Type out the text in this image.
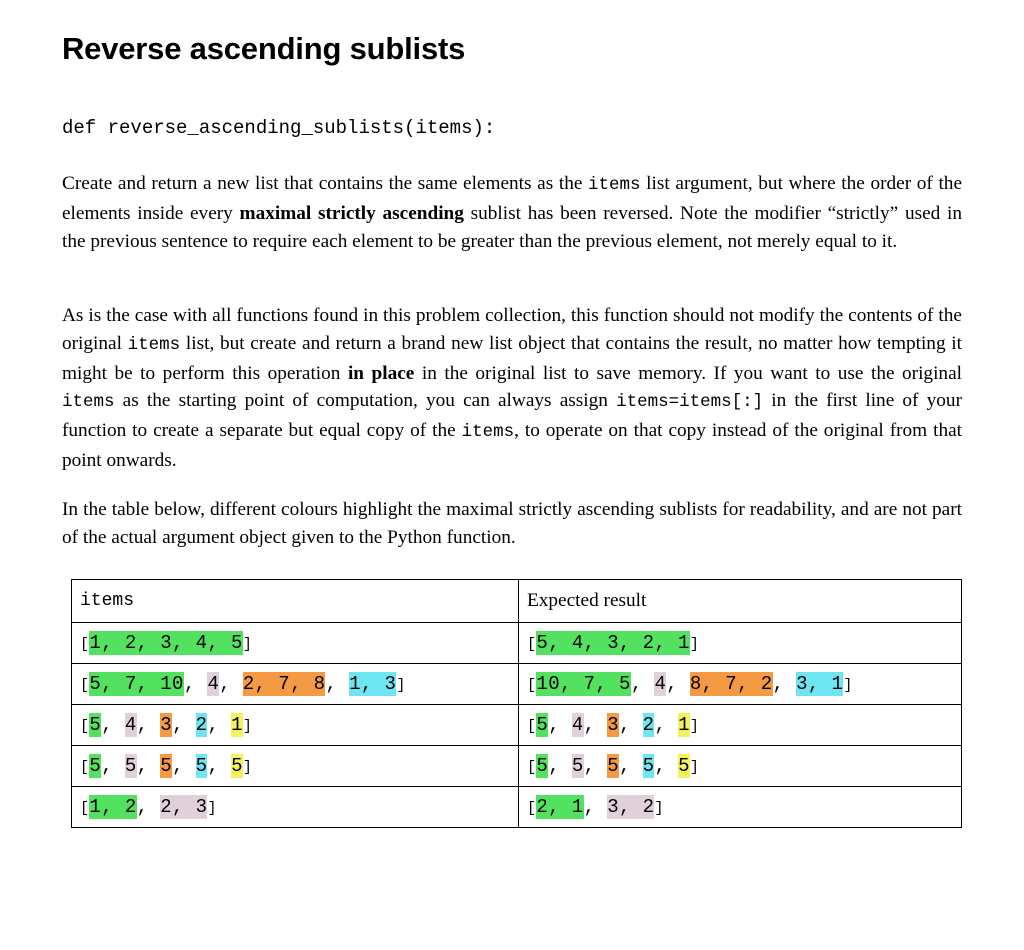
Reverse ascending sublists
def reverse_ascending_sublists(items):

Create and return a new list that contains the same elements as the items list argument, but where the order of the elements inside every maximal strictly ascending sublist has been reversed. Note the modifier “strictly” used in the previous sentence to require each element to be greater than the previous element, not merely equal to it.

As is the case with all functions found in this problem collection, this function should not modify the contents of the original items list, but create and return a brand new list object that contains the result, no matter how tempting it might be to perform this operation in place in the original list to save memory. If you want to use the original items as the starting point of computation, you can always assign items=items[:] in the first line of your function to create a separate but equal copy of the items, to operate on that copy instead of the original from that point onwards.

In the table below, different colours highlight the maximal strictly ascending sublists for readability, and are not part of the actual argument object given to the Python function.

items	Expected result
[1, 2, 3, 4, 5]	[5, 4, 3, 2, 1]
[5, 7, 10, 4, 2, 7, 8, 1, 3]	[10, 7, 5, 4, 8, 7, 2, 3, 1]
[5, 4, 3, 2, 1]	[5, 4, 3, 2, 1]
[5, 5, 5, 5, 5]	[5, 5, 5, 5, 5]
[1, 2, 2, 3]	[2, 1, 3, 2]
